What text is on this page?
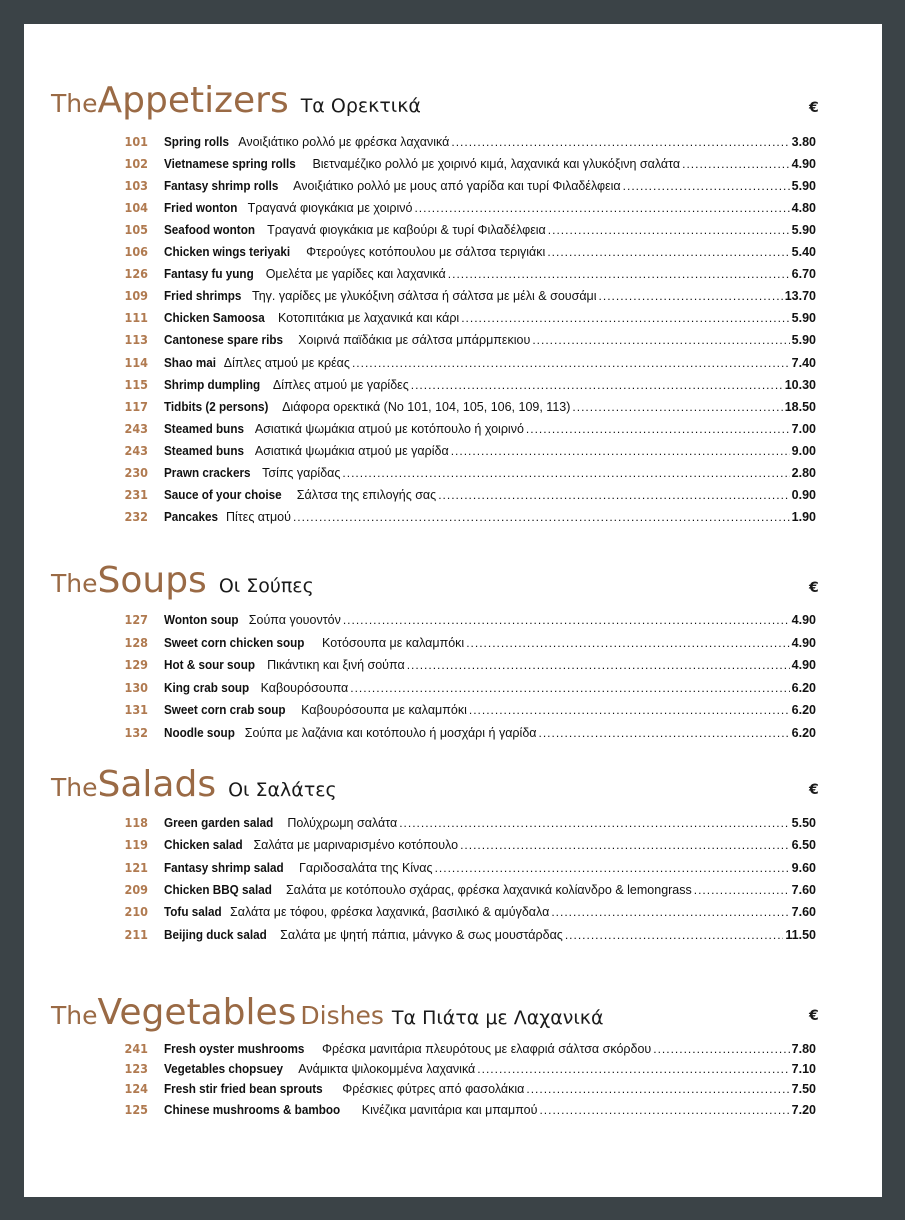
TheAppetizers Τα Ορεκτικά	€
101	Spring rolls Ανοιξιάτικο ρολλό με φρέσκα λαχανικά .....	3.80
102	Vietnamese spring rolls Βιετναμέζικο ρολλό με χοιρινό κιμά, λαχανικά και γλυκόξινη σαλάτα .....	4.90
103	Fantasy shrimp rolls Ανοιξιάτικο ρολλό με μους από γαρίδα και τυρί Φιλαδέλφεια .....	5.90
104	Fried wonton Τραγανά φιογκάκια με χοιρινό .....	4.80
105	Seafood wonton Τραγανά φιογκάκια με καβούρι & τυρί Φιλαδέλφεια .....	5.90
106	Chicken wings teriyaki Φτερούγες κοτόπουλου με σάλτσα τεριγιάκι .....	5.40
126	Fantasy fu yung Ομελέτα με γαρίδες και λαχανικά .....	6.70
109	Fried shrimps Τηγ. γαρίδες με γλυκόξινη σάλτσα ή σάλτσα με μέλι & σουσάμι .....	13.70
111	Chicken Samoosa Κοτοπιτάκια με λαχανικά και κάρι .....	5.90
113	Cantonese spare ribs Χοιρινά παϊδάκια με σάλτσα μπάρμπεκιου .....	5.90
114	Shao mai Δίπλες ατμού με κρέας .....	7.40
115	Shrimp dumpling Δίπλες ατμού με γαρίδες .....	10.30
117	Tidbits (2 persons) Διάφορα ορεκτικά (Νο 101, 104, 105, 106, 109, 113) .....	18.50
243	Steamed buns Ασιατικά ψωμάκια ατμού με κοτόπουλο ή χοιρινό .....	7.00
243	Steamed buns Ασιατικά ψωμάκια ατμού με γαρίδα .....	9.00
230	Prawn crackers Τσίπς γαρίδας .....	2.80
231	Sauce of your choise Σάλτσα της επιλογής σας .....	0.90
232	Pancakes Πίτες ατμού .....	1.90
TheSoups Οι Σούπες	€
127	Wonton soup Σούπα γουοντόν .....	4.90
128	Sweet corn chicken soup Κοτόσουπα με καλαμπόκι .....	4.90
129	Hot & sour soup Πικάντικη και ξινή σούπα .....	4.90
130	King crab soup Καβουρόσουπα .....	6.20
131	Sweet corn crab soup Καβουρόσουπα με καλαμπόκι .....	6.20
132	Noodle soup Σούπα με λαζάνια και κοτόπουλο ή μοσχάρι ή γαρίδα .....	6.20
TheSalads Οι Σαλάτες	€
118	Green garden salad Πολύχρωμη σαλάτα .....	5.50
119	Chicken salad Σαλάτα με μαριναρισμένο κοτόπουλο .....	6.50
121	Fantasy shrimp salad Γαριδοσαλάτα της Κίνας .....	9.60
209	Chicken BBQ salad Σαλάτα με κοτόπουλο σχάρας, φρέσκα λαχανικά κολίανδρο & lemongrass .....	7.60
210	Tofu salad Σαλάτα με τόφου, φρέσκα λαχανικά, βασιλικό & αμύγδαλα .....	7.60
211	Beijing duck salad Σαλάτα με ψητή πάπια, μάνγκο & σως μουστάρδας .....	11.50
TheVegetables Dishes Τα Πιάτα με Λαχανικά	€
241	Fresh oyster mushrooms Φρέσκα μανιτάρια πλευρότους με ελαφριά σάλτσα σκόρδου .....	7.80
123	Vegetables chopsuey Ανάμικτα ψιλοκομμένα λαχανικά .....	7.10
124	Fresh stir fried bean sprouts Φρέσκιες φύτρες από φασολάκια .....	7.50
125	Chinese mushrooms & bamboo Κινέζικα μανιτάρια και μπαμπού .....	7.20
